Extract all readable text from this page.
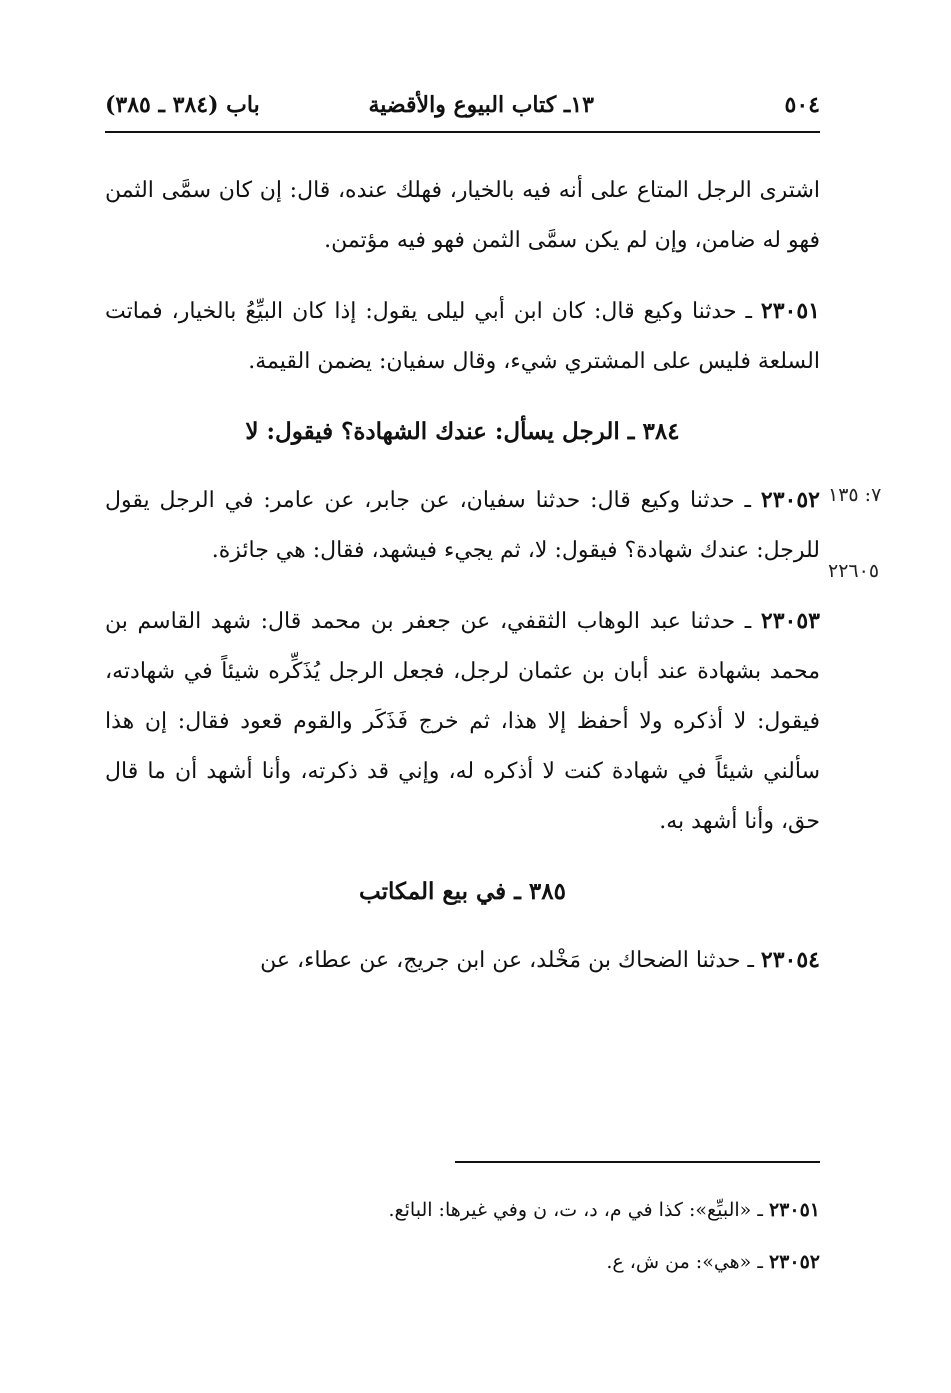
٥٠٤
١٣ـ كتاب البيوع والأقضية
باب (٣٨٤ ـ ٣٨٥)
٧: ١٣٥
٢٢٦٠٥

اشترى الرجل المتاع على أنه فيه بالخيار، فهلك عنده، قال: إن كان سمَّى الثمن فهو له ضامن، وإن لم يكن سمَّى الثمن فهو فيه مؤتمن.

٢٣٠٥١ ـ حدثنا وكيع قال: كان ابن أبي ليلى يقول: إذا كان البيِّعُ بالخيار، فماتت السلعة فليس على المشتري شيء، وقال سفيان: يضمن القيمة.

٣٨٤ ـ الرجل يسأل: عندك الشهادة؟ فيقول: لا

٢٣٠٥٢ ـ حدثنا وكيع قال: حدثنا سفيان، عن جابر، عن عامر: في الرجل يقول للرجل: عندك شهادة؟ فيقول: لا، ثم يجيء فيشهد، فقال: هي جائزة.

٢٣٠٥٣ ـ حدثنا عبد الوهاب الثقفي، عن جعفر بن محمد قال: شهد القاسم بن محمد بشهادة عند أبان بن عثمان لرجل، فجعل الرجل يُذَكِّره شيئاً في شهادته، فيقول: لا أذكره ولا أحفظ إلا هذا، ثم خرج فَذَكَر والقوم قعود فقال: إن هذا سألني شيئاً في شهادة كنت لا أذكره له، وإني قد ذكرته، وأنا أشهد أن ما قال حق، وأنا أشهد به.

٣٨٥ ـ في بيع المكاتب

٢٣٠٥٤ ـ حدثنا الضحاك بن مَخْلد، عن ابن جريج، عن عطاء، عن

٢٣٠٥١ ـ «البيِّع»: كذا في م، د، ت، ن وفي غيرها: البائع.

٢٣٠٥٢ ـ «هي»: من ش، ع.
